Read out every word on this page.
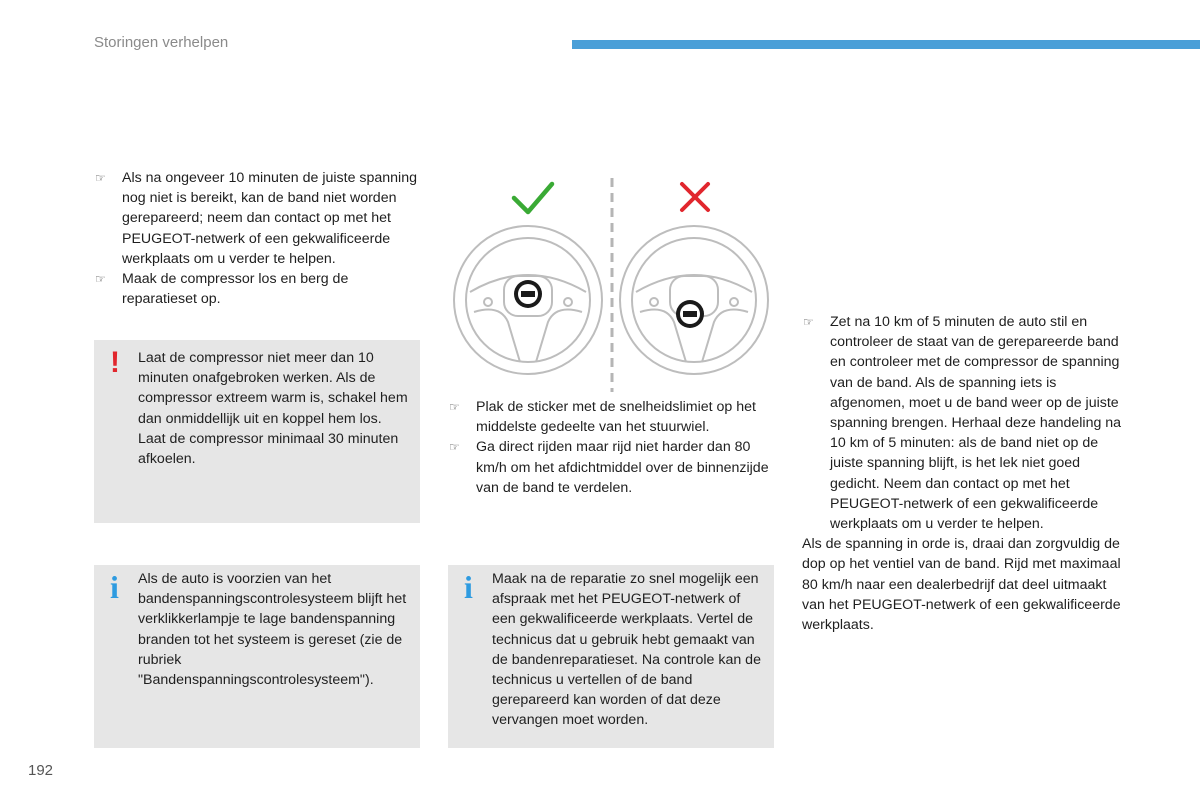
Storingen verhelpen
☞ Als na ongeveer 10 minuten de juiste spanning nog niet is bereikt, kan de band niet worden gerepareerd; neem dan contact op met het PEUGEOT-netwerk of een gekwalificeerde werkplaats om u verder te helpen.
☞ Maak de compressor los en berg de reparatieset op.
! Laat de compressor niet meer dan 10 minuten onafgebroken werken. Als de compressor extreem warm is, schakel hem dan onmiddellijk uit en koppel hem los. Laat de compressor minimaal 30 minuten afkoelen.
i Als de auto is voorzien van het bandenspanningscontrolesysteem blijft het verklikkerlampje te lage bandenspanning branden tot het systeem is gereset (zie de rubriek "Bandenspanningscontrolesysteem").
☞ Plak de sticker met de snelheidslimiet op het middelste gedeelte van het stuurwiel.
☞ Ga direct rijden maar rijd niet harder dan 80 km/h om het afdichtmiddel over de binnenzijde van de band te verdelen.
i Maak na de reparatie zo snel mogelijk een afspraak met het PEUGEOT-netwerk of een gekwalificeerde werkplaats. Vertel de technicus dat u gebruik hebt gemaakt van de bandenreparatieset. Na controle kan de technicus u vertellen of de band gerepareerd kan worden of dat deze vervangen moet worden.
☞ Zet na 10 km of 5 minuten de auto stil en controleer de staat van de gerepareerde band en controleer met de compressor de spanning van de band. Als de spanning iets is afgenomen, moet u de band weer op de juiste spanning brengen. Herhaal deze handeling na 10 km of 5 minuten: als de band niet op de juiste spanning blijft, is het lek niet goed gedicht. Neem dan contact op met het PEUGEOT-netwerk of een gekwalificeerde werkplaats om u verder te helpen.

Als de spanning in orde is, draai dan zorgvuldig de dop op het ventiel van de band. Rijd met maximaal 80 km/h naar een dealerbedrijf dat deel uitmaakt van het PEUGEOT-netwerk of een gekwalificeerde werkplaats.

192
